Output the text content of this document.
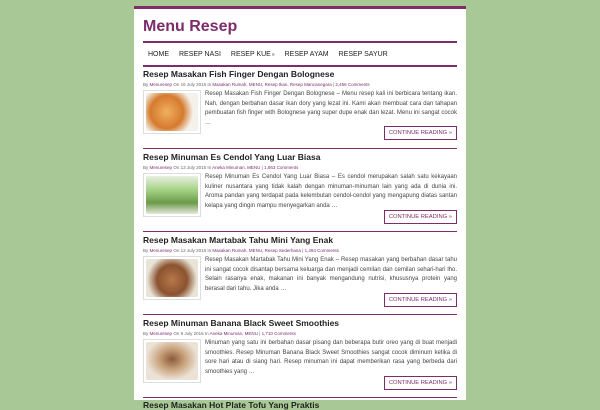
Menu Resep
HOME	RESEP NASI	RESEP KUE»	RESEP AYAM	RESEP SAYUR
Resep Masakan Fish Finger Dengan Bolognese
By Menuresep On 16 July 2015 In Masakan Rumah, MENU, Resep Ikan, Resep Mancanegara | 2,456 Comments
Resep Masakan Fish Finger Dengan Bolognese – Menu resep kali ini berbicara tentang ikan. Nah, dengan berbahan dasar ikan dory yang lezat ini. Kami akan membuat cara dan tahapan pembuatan fish finger with Bolognese yang super dupe enak dan lezat. Menu ini sangat cocok …
CONTINUE READING »
Resep Minuman Es Cendol Yang Luar Biasa
By Menuresep On 13 July 2015 In Aneka Minuman, MENU | 1,863 Comments
Resep Minuman Es Cendol Yang Luar Biasa – Es cendol merupakan salah satu kekayaan kuliner nusantara yang tidak kalah dengan minuman-minuman lain yang ada di dunia ini. Aroma pandan yang terdapat pada kelembutan cendol-cendol yang mengapung diatas santan kelapa yang dingin mampu menyegarkan anda …
CONTINUE READING »
Resep Masakan Martabak Tahu Mini Yang Enak
By Menuresep On 12 July 2015 In Masakan Rumah, MENU, Resep Sederhana | 1,494 Comments
Resep Masakan Martabak Tahu Mini Yang Enak – Resep masakan yang berbahan dasar tahu ini sangat cocok disantap bersama keluarga dan menjadi cemilan dan cemilan sehari-hari lho. Selain rasanya enak, makanan ini banyak mengandung nutrisi, khususnya protein yang berasal dari tahu. Jika anda …
CONTINUE READING »
Resep Minuman Banana Black Sweet Smoothies
By Menuresep On 9 July 2015 In Aneka Minuman, MENU | 1,710 Comments
Minuman yang satu ini berbahan dasar pisang dan beberapa butir oreo yang di buat menjadi smoothies. Resep Minuman Banana Black Sweet Smoothies sangat cocok diminum ketika di sore hari atau di siang hari. Resep minuman ini dapat memberikan rasa yang berbeda dari smoothies yang …
CONTINUE READING »
Resep Masakan Hot Plate Tofu Yang Praktis
